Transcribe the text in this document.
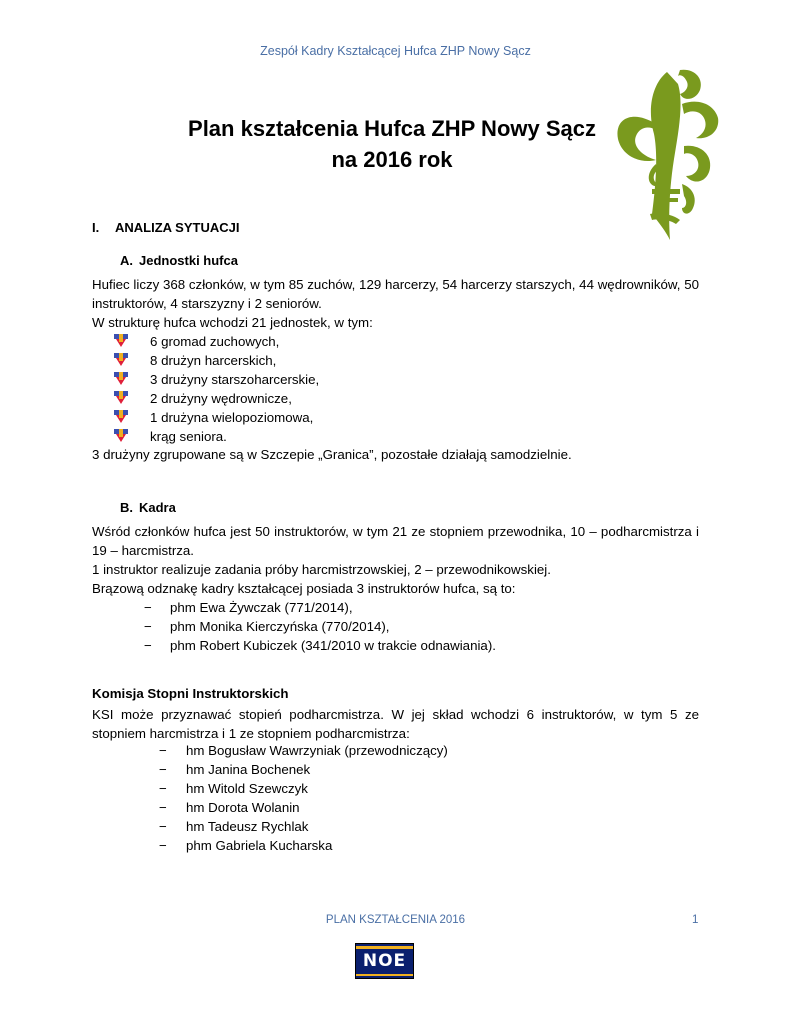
Zespół Kadry Kształcącej Hufca ZHP Nowy Sącz
Plan kształcenia Hufca ZHP Nowy Sącz
na 2016 rok
I. ANALIZA SYTUACJI
A. Jednostki hufca
Hufiec liczy 368 członków, w tym 85 zuchów, 129 harcerzy, 54 harcerzy starszych, 44 wędrowników, 50 instruktorów, 4 starszyzny i 2 seniorów.
W strukturę hufca wchodzi 21 jednostek, w tym:
6 gromad zuchowych,
8 drużyn harcerskich,
3 drużyny starszoharcerskie,
2 drużyny wędrownicze,
1 drużyna wielopoziomowa,
krąg seniora.
3 drużyny zgrupowane są w Szczepie „Granica”, pozostałe działają samodzielnie.
B. Kadra
Wśród członków hufca jest 50 instruktorów, w tym 21 ze stopniem przewodnika, 10 – podharcmistrza i 19 – harcmistrza.
1 instruktor realizuje zadania próby harcmistrzowskiej, 2 – przewodnikowskiej.
Brązową odznakę kadry kształcącej posiada 3 instruktorów hufca, są to:
− phm Ewa Żywczak (771/2014),
− phm Monika Kierczyńska (770/2014),
− phm Robert Kubiczek (341/2010 w trakcie odnawiania).
Komisja Stopni Instruktorskich
KSI może przyznawać stopień podharcmistrza. W jej skład wchodzi 6 instruktorów, w tym 5 ze stopniem harcmistrza i 1 ze stopniem podharcmistrza:
− hm Bogusław Wawrzyniak (przewodniczący)
− hm Janina Bochenek
− hm Witold Szewczyk
− hm Dorota Wolanin
− hm Tadeusz Rychlak
− phm Gabriela Kucharska
PLAN KSZTAŁCENIA 2016	1
NOE
